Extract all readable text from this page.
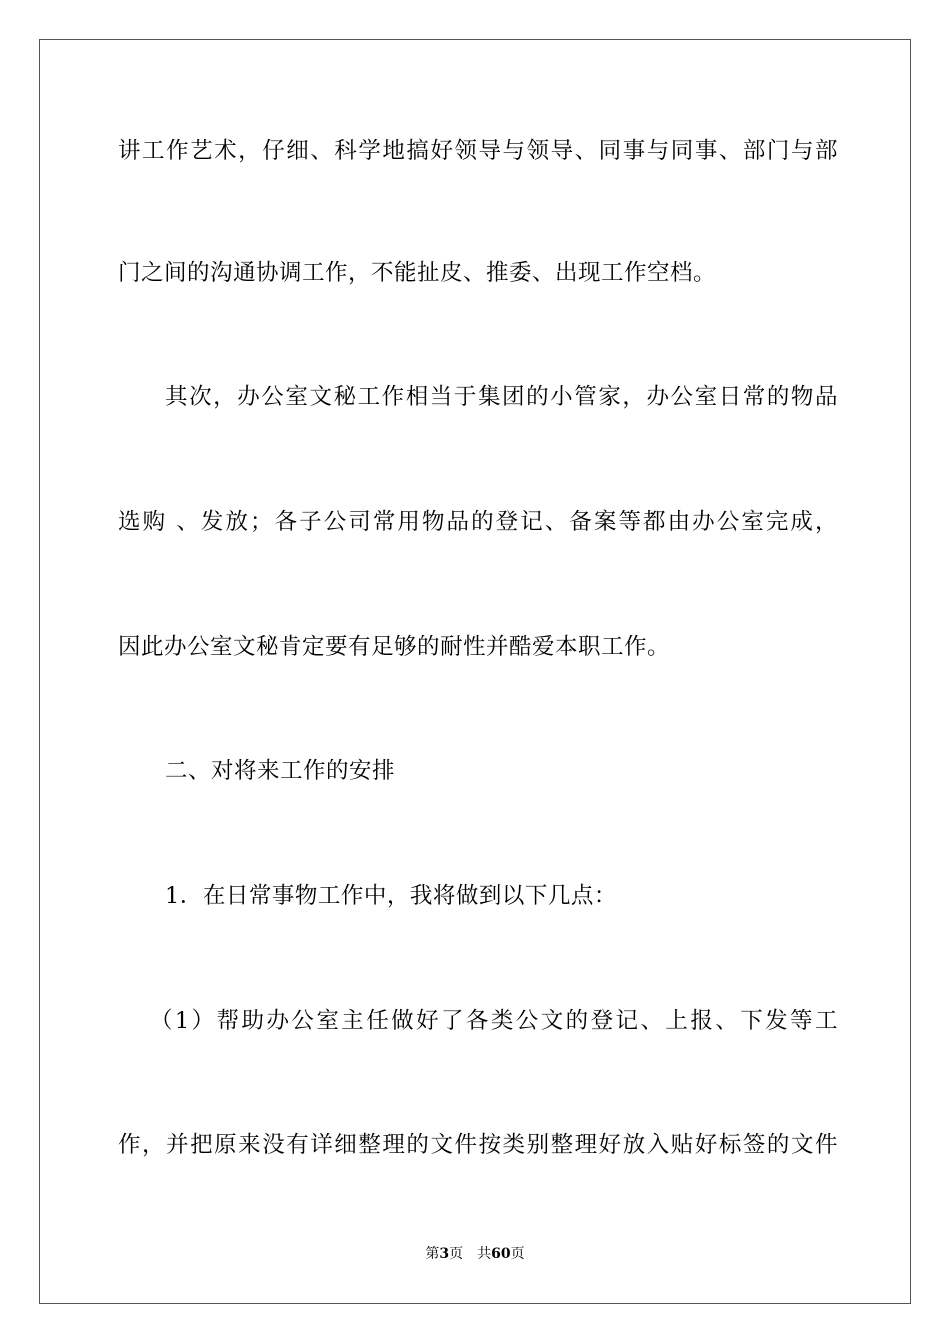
讲工作艺术，仔细、科学地搞好领导与领导、同事与同事、部门与部
门之间的沟通协调工作，不能扯皮、推委、出现工作空档。
其次，办公室文秘工作相当于集团的小管家，办公室日常的物品
选购 、发放；各子公司常用物品的登记、备案等都由办公室完成，
因此办公室文秘肯定要有足够的耐性并酷爱本职工作。
二、对将来工作的安排
1．在日常事物工作中，我将做到以下几点：
（1）帮助办公室主任做好了各类公文的登记、上报、下发等工
作，并把原来没有详细整理的文件按类别整理好放入贴好标签的文件
第3页 共60页
